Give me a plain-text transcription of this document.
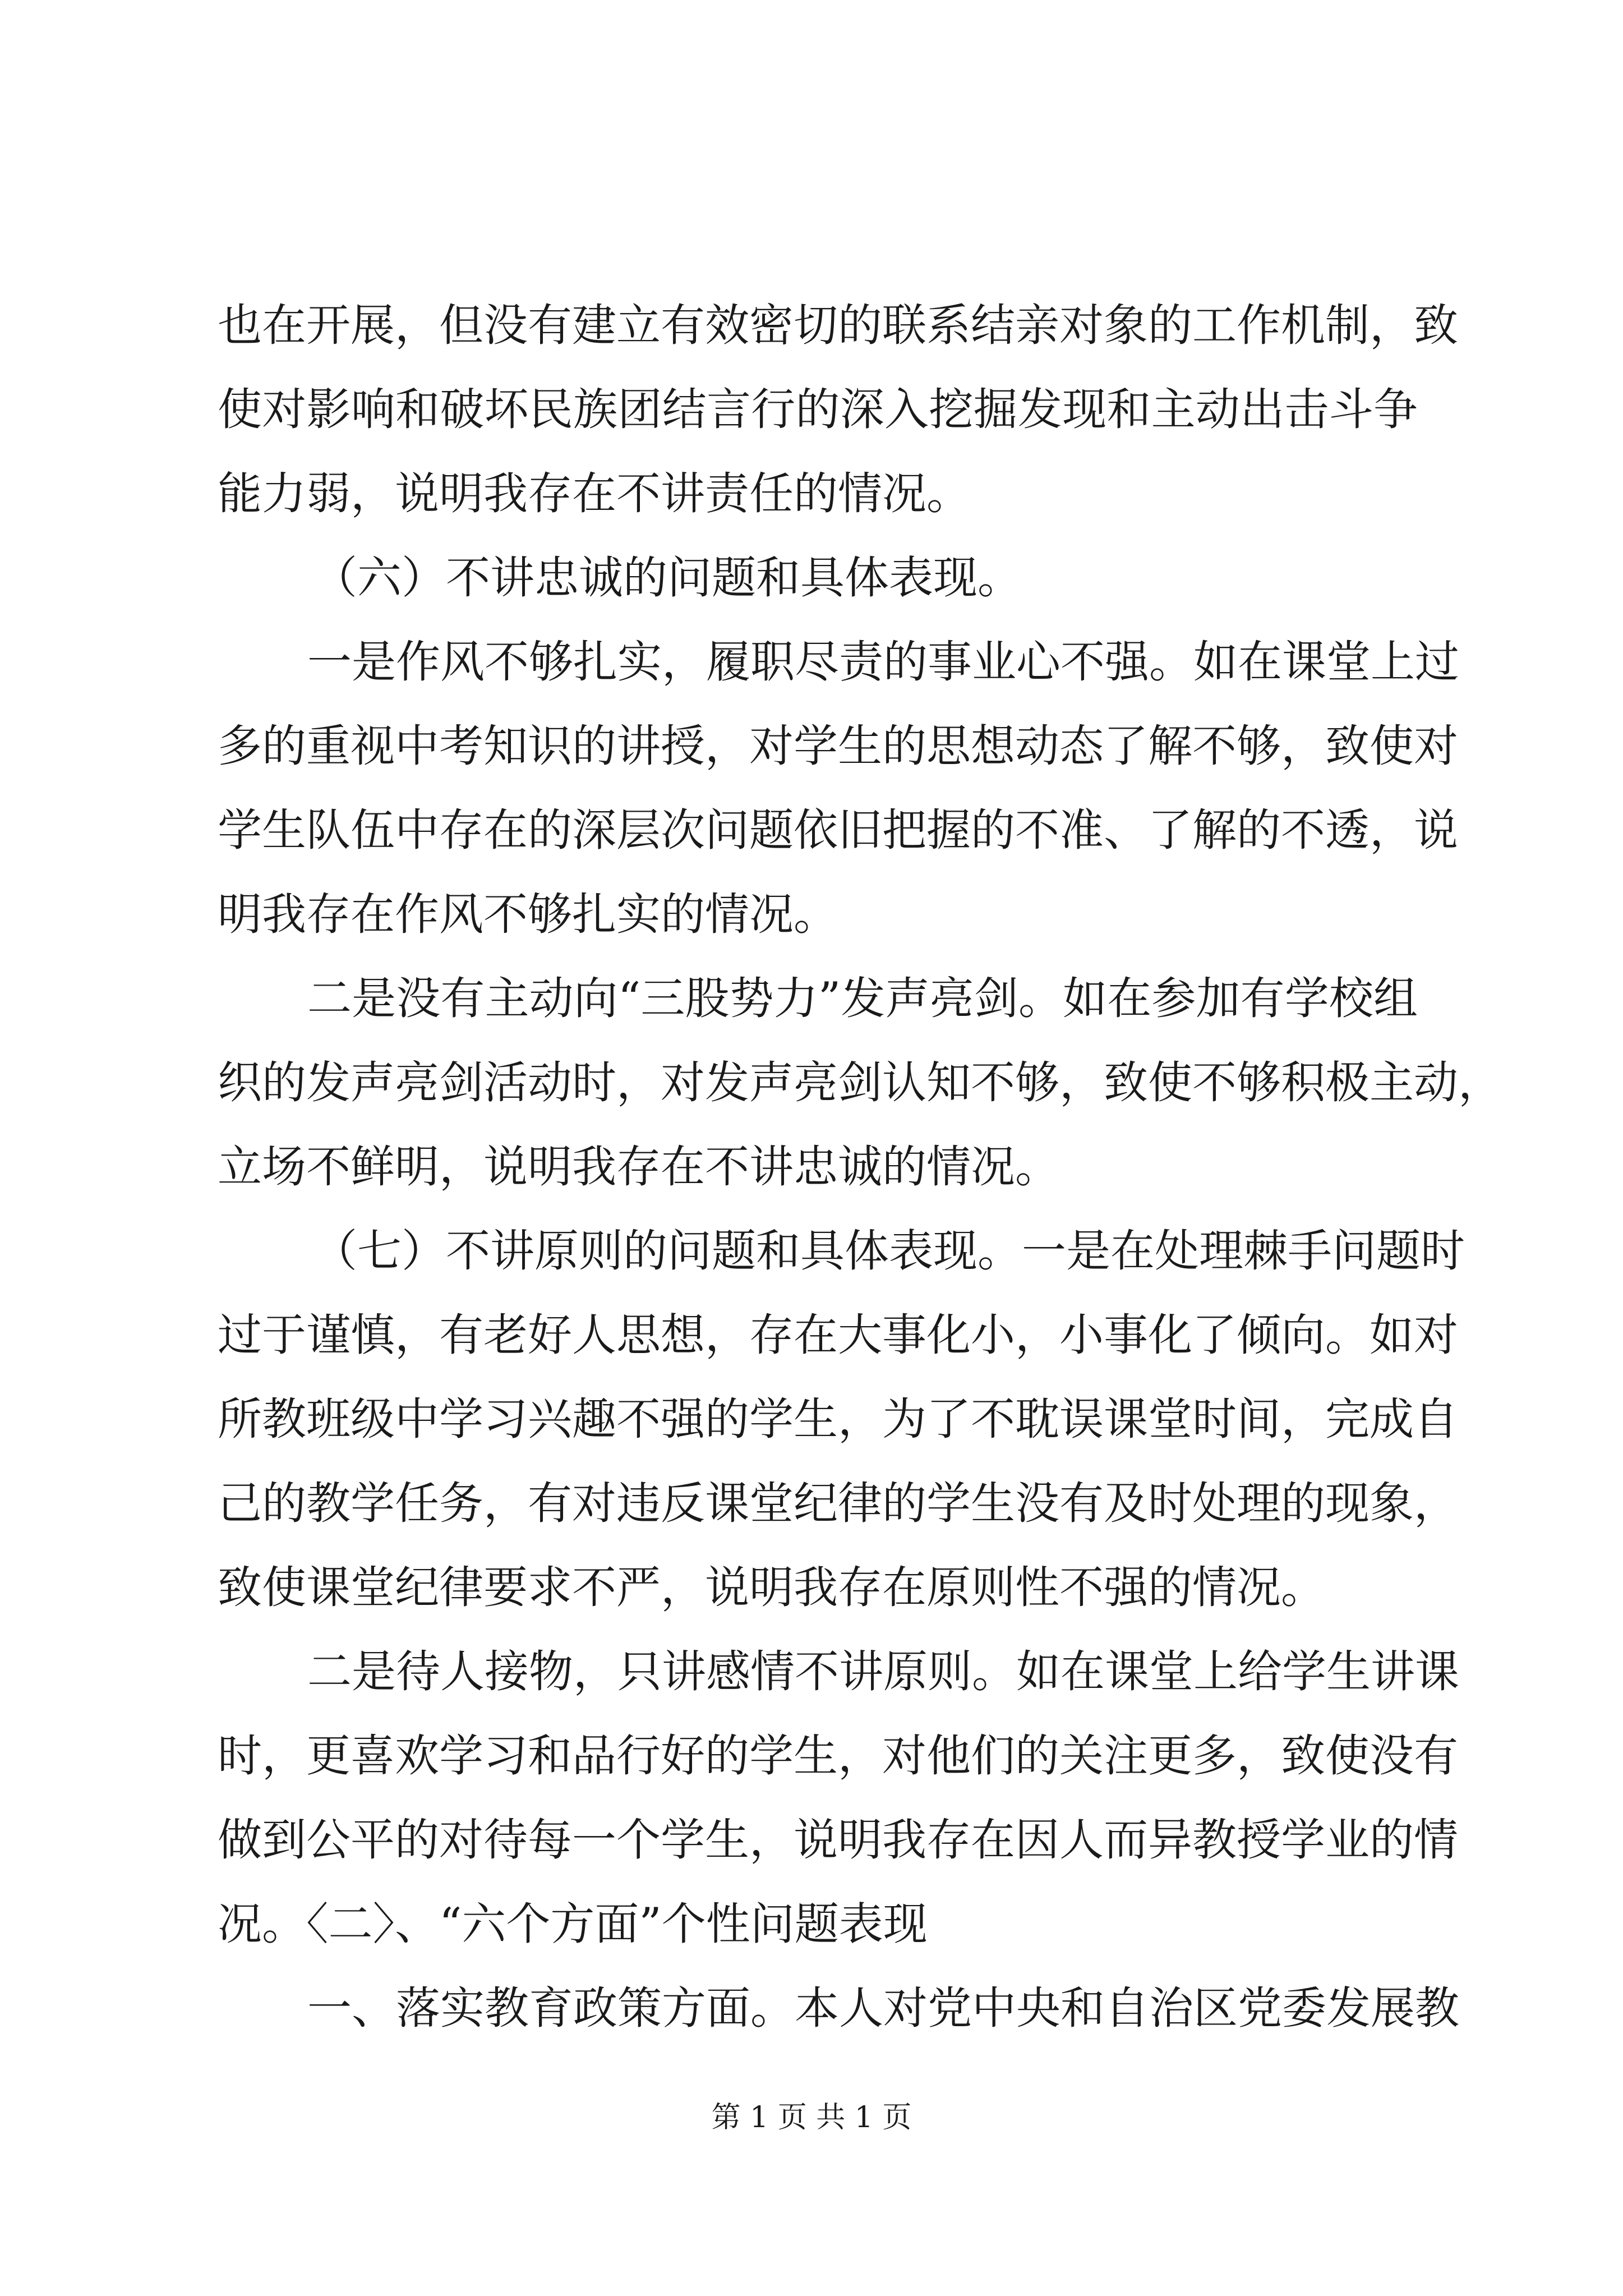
也在开展，但没有建立有效密切的联系结亲对象的工作机制，致
使对影响和破坏民族团结言行的深入挖掘发现和主动出击斗争
能力弱，说明我存在不讲责任的情况。
（六）不讲忠诚的问题和具体表现。
一是作风不够扎实，履职尽责的事业心不强。如在课堂上过
多的重视中考知识的讲授，对学生的思想动态了解不够，致使对
学生队伍中存在的深层次问题依旧把握的不准、了解的不透，说
明我存在作风不够扎实的情况。
二是没有主动向“三股势力”发声亮剑。如在参加有学校组
织的发声亮剑活动时，对发声亮剑认知不够，致使不够积极主动，
立场不鲜明，说明我存在不讲忠诚的情况。
（七）不讲原则的问题和具体表现。一是在处理棘手问题时
过于谨慎，有老好人思想，存在大事化小，小事化了倾向。如对
所教班级中学习兴趣不强的学生，为了不耽误课堂时间，完成自
己的教学任务，有对违反课堂纪律的学生没有及时处理的现象，
致使课堂纪律要求不严，说明我存在原则性不强的情况。
二是待人接物，只讲感情不讲原则。如在课堂上给学生讲课
时，更喜欢学习和品行好的学生，对他们的关注更多，致使没有
做到公平的对待每一个学生，说明我存在因人而异教授学业的情
况。〈二〉、“六个方面”个性问题表现
一、落实教育政策方面。本人对党中央和自治区党委发展教
第 1 页 共 1 页
